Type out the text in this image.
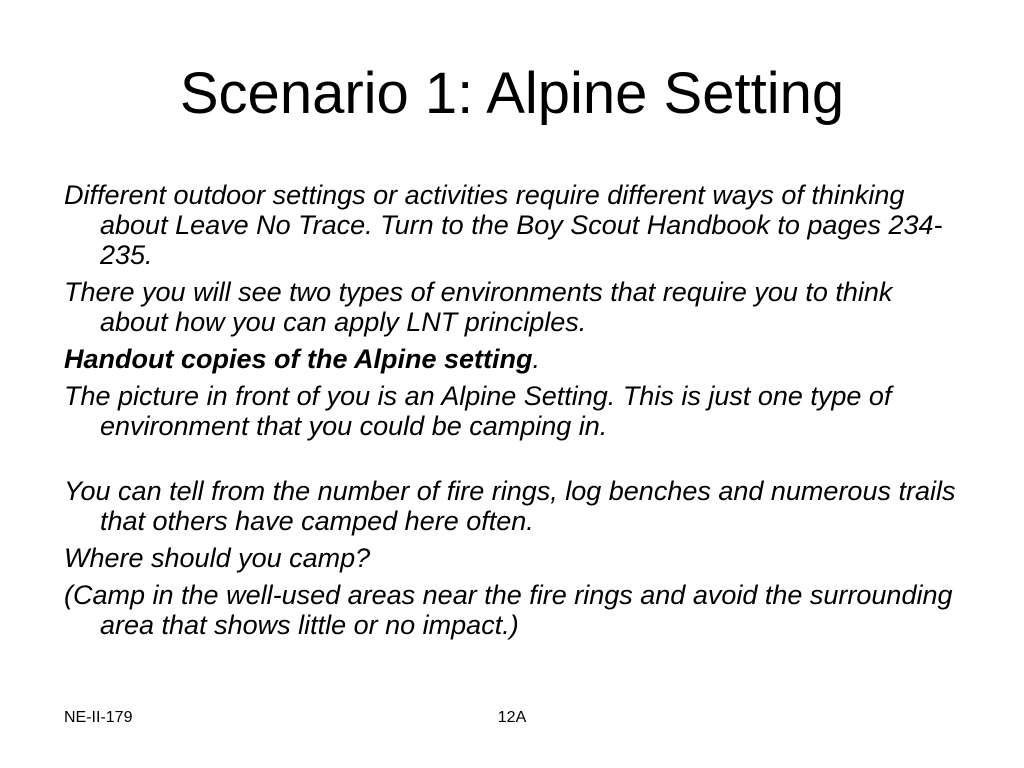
Scenario 1: Alpine Setting

Different outdoor settings or activities require different ways of thinking about Leave No Trace. Turn to the Boy Scout Handbook to pages 234-235.

There you will see two types of environments that require you to think about how you can apply LNT principles.

Handout copies of the Alpine setting.

The picture in front of you is an Alpine Setting. This is just one type of environment that you could be camping in.

You can tell from the number of fire rings, log benches and numerous trails that others have camped here often.

Where should you camp?

(Camp in the well-used areas near the fire rings and avoid the surrounding area that shows little or no impact.)

NE-II-179	12A
